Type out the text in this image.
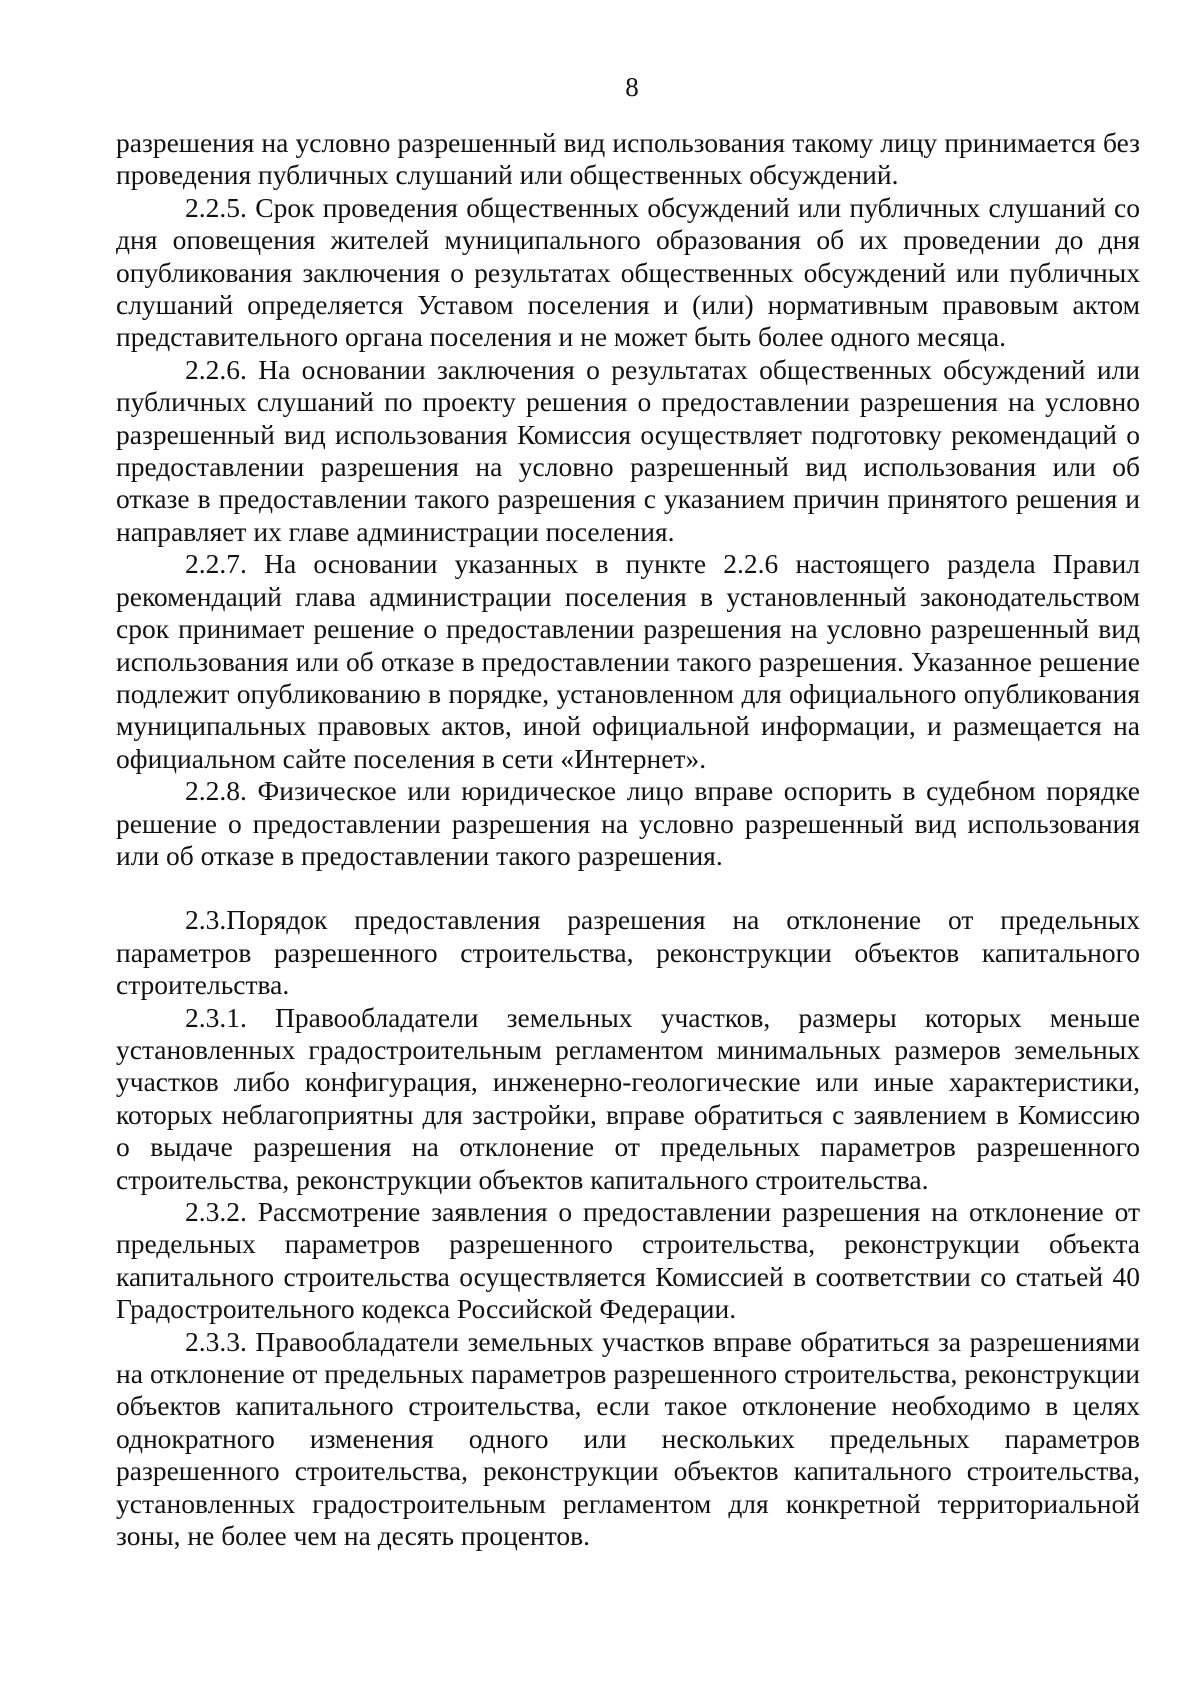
8

разрешения на условно разрешенный вид использования такому лицу принимается без проведения публичных слушаний или общественных обсуждений.

2.2.5. Срок проведения общественных обсуждений или публичных слушаний со дня оповещения жителей муниципального образования об их проведении до дня опубликования заключения о результатах общественных обсуждений или публичных слушаний определяется Уставом поселения и (или) нормативным правовым актом представительного органа поселения и не может быть более одного месяца.

2.2.6. На основании заключения о результатах общественных обсуждений или публичных слушаний по проекту решения о предоставлении разрешения на условно разрешенный вид использования Комиссия осуществляет подготовку рекомендаций о предоставлении разрешения на условно разрешенный вид использования или об отказе в предоставлении такого разрешения с указанием причин принятого решения и направляет их главе администрации поселения.

2.2.7. На основании указанных в пункте 2.2.6 настоящего раздела Правил рекомендаций глава администрации поселения в установленный законодательством срок принимает решение о предоставлении разрешения на условно разрешенный вид использования или об отказе в предоставлении такого разрешения. Указанное решение подлежит опубликованию в порядке, установленном для официального опубликования муниципальных правовых актов, иной официальной информации, и размещается на официальном сайте поселения в сети «Интернет».

2.2.8. Физическое или юридическое лицо вправе оспорить в судебном порядке решение о предоставлении разрешения на условно разрешенный вид использования или об отказе в предоставлении такого разрешения.

2.3.Порядок предоставления разрешения на отклонение от предельных параметров разрешенного строительства, реконструкции объектов капитального строительства.

2.3.1. Правообладатели земельных участков, размеры которых меньше установленных градостроительным регламентом минимальных размеров земельных участков либо конфигурация, инженерно-геологические или иные характеристики, которых неблагоприятны для застройки, вправе обратиться с заявлением в Комиссию о выдаче разрешения на отклонение от предельных параметров разрешенного строительства, реконструкции объектов капитального строительства.

2.3.2. Рассмотрение заявления о предоставлении разрешения на отклонение от предельных параметров разрешенного строительства, реконструкции объекта капитального строительства осуществляется Комиссией в соответствии со статьей 40 Градостроительного кодекса Российской Федерации.

2.3.3. Правообладатели земельных участков вправе обратиться за разрешениями на отклонение от предельных параметров разрешенного строительства, реконструкции объектов капитального строительства, если такое отклонение необходимо в целях однократного изменения одного или нескольких предельных параметров разрешенного строительства, реконструкции объектов капитального строительства, установленных градостроительным регламентом для конкретной территориальной зоны, не более чем на десять процентов.
